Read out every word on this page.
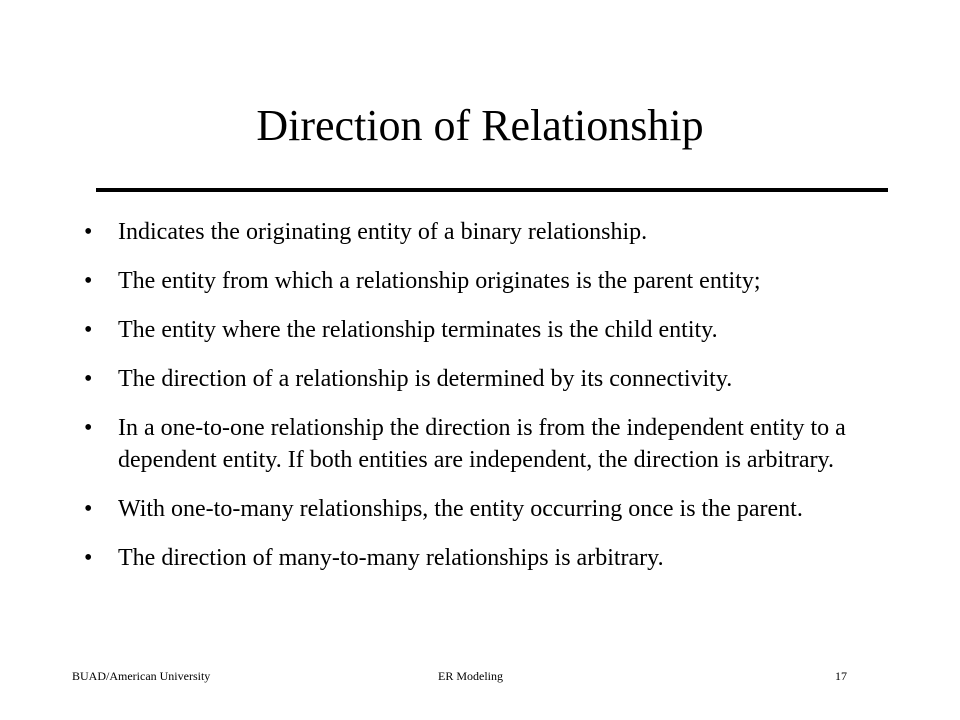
Direction of Relationship
•	Indicates the originating entity of a binary relationship.
•	The entity from which a relationship originates is the parent entity;
•	The entity where the relationship terminates is the child entity.
•	The direction of a relationship is determined by its connectivity.
•	In a one-to-one relationship the direction is from the independent entity to a dependent entity. If both entities are independent, the direction is arbitrary.
•	With one-to-many relationships, the entity occurring once is the parent.
•	The direction of many-to-many relationships is arbitrary.
BUAD/American University	ER Modeling	17
